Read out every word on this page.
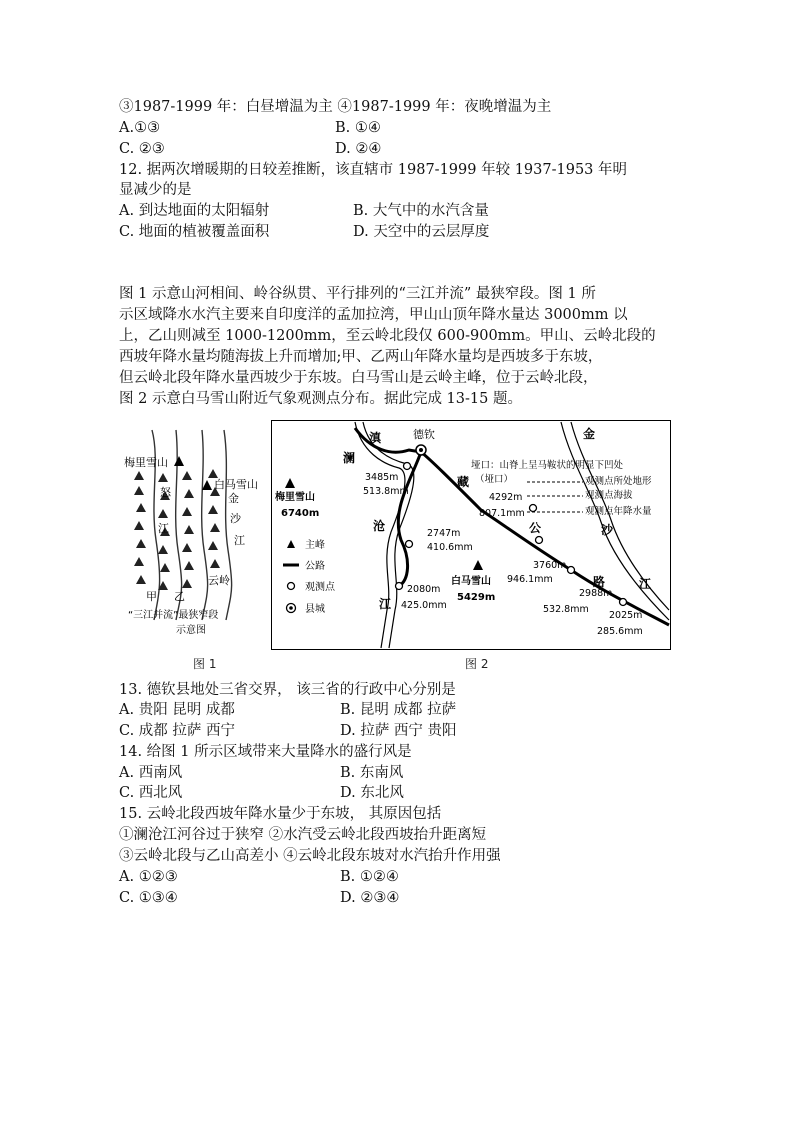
③1987-1999 年：白昼增温为主 ④1987-1999 年：夜晚增温为主
A.①③	B. ①④
C. ②③	D. ②④
12. 据两次增暖期的日较差推断，该直辖市 1987-1999 年较 1937-1953 年明
显减少的是
A. 到达地面的太阳辐射	B. 大气中的水汽含量
C. 地面的植被覆盖面积	D. 天空中的云层厚度
图 1 示意山河相间、岭谷纵贯、平行排列的“三江并流” 最狭窄段。图 1 所
示区域降水水汽主要来自印度洋的孟加拉湾，甲山山顶年降水量达 3000mm 以
上，乙山则减至 1000-1200mm，至云岭北段仅 600-900mm。甲山、云岭北段的
西坡年降水量均随海拔上升而增加;甲、乙两山年降水量均是西坡多于东坡，
但云岭北段年降水量西坡少于东坡。白马雪山是云岭主峰，位于云岭北段，
图 2 示意白马雪山附近气象观测点分布。据此完成 13-15 题。
梅里雪山
白马雪山
怒
江
金
沙
江
云岭
甲 乙
“三江并流”最狭窄段
示意图
图 1
滇	德钦	金
澜
藏
沧	公	沙
路	江
江
梅里雪山
6740m
白马雪山
5429m
3485m
513.8mm
2747m
410.6mm
2080m
425.0mm
4292m
807.1mm
3760m
946.1mm
2988m
532.8mm
2025m
285.6mm
垭口：山脊上呈马鞍状的明显下凹处
（垭口）	观测点所处地形
观测点海拔
观测点年降水量
主峰
公路
观测点
县城
图 2
13. 德钦县地处三省交界， 该三省的行政中心分别是
A. 贵阳 昆明 成都	B. 昆明 成都 拉萨
C. 成都 拉萨 西宁	D. 拉萨 西宁 贵阳
14. 给图 1 所示区域带来大量降水的盛行风是
A. 西南风	B. 东南风
C. 西北风	D. 东北风
15. 云岭北段西坡年降水量少于东坡， 其原因包括
①澜沧江河谷过于狭窄 ②水汽受云岭北段西坡抬升距离短
③云岭北段与乙山高差小 ④云岭北段东坡对水汽抬升作用强
A. ①②③	B. ①②④
C. ①③④	D. ②③④
